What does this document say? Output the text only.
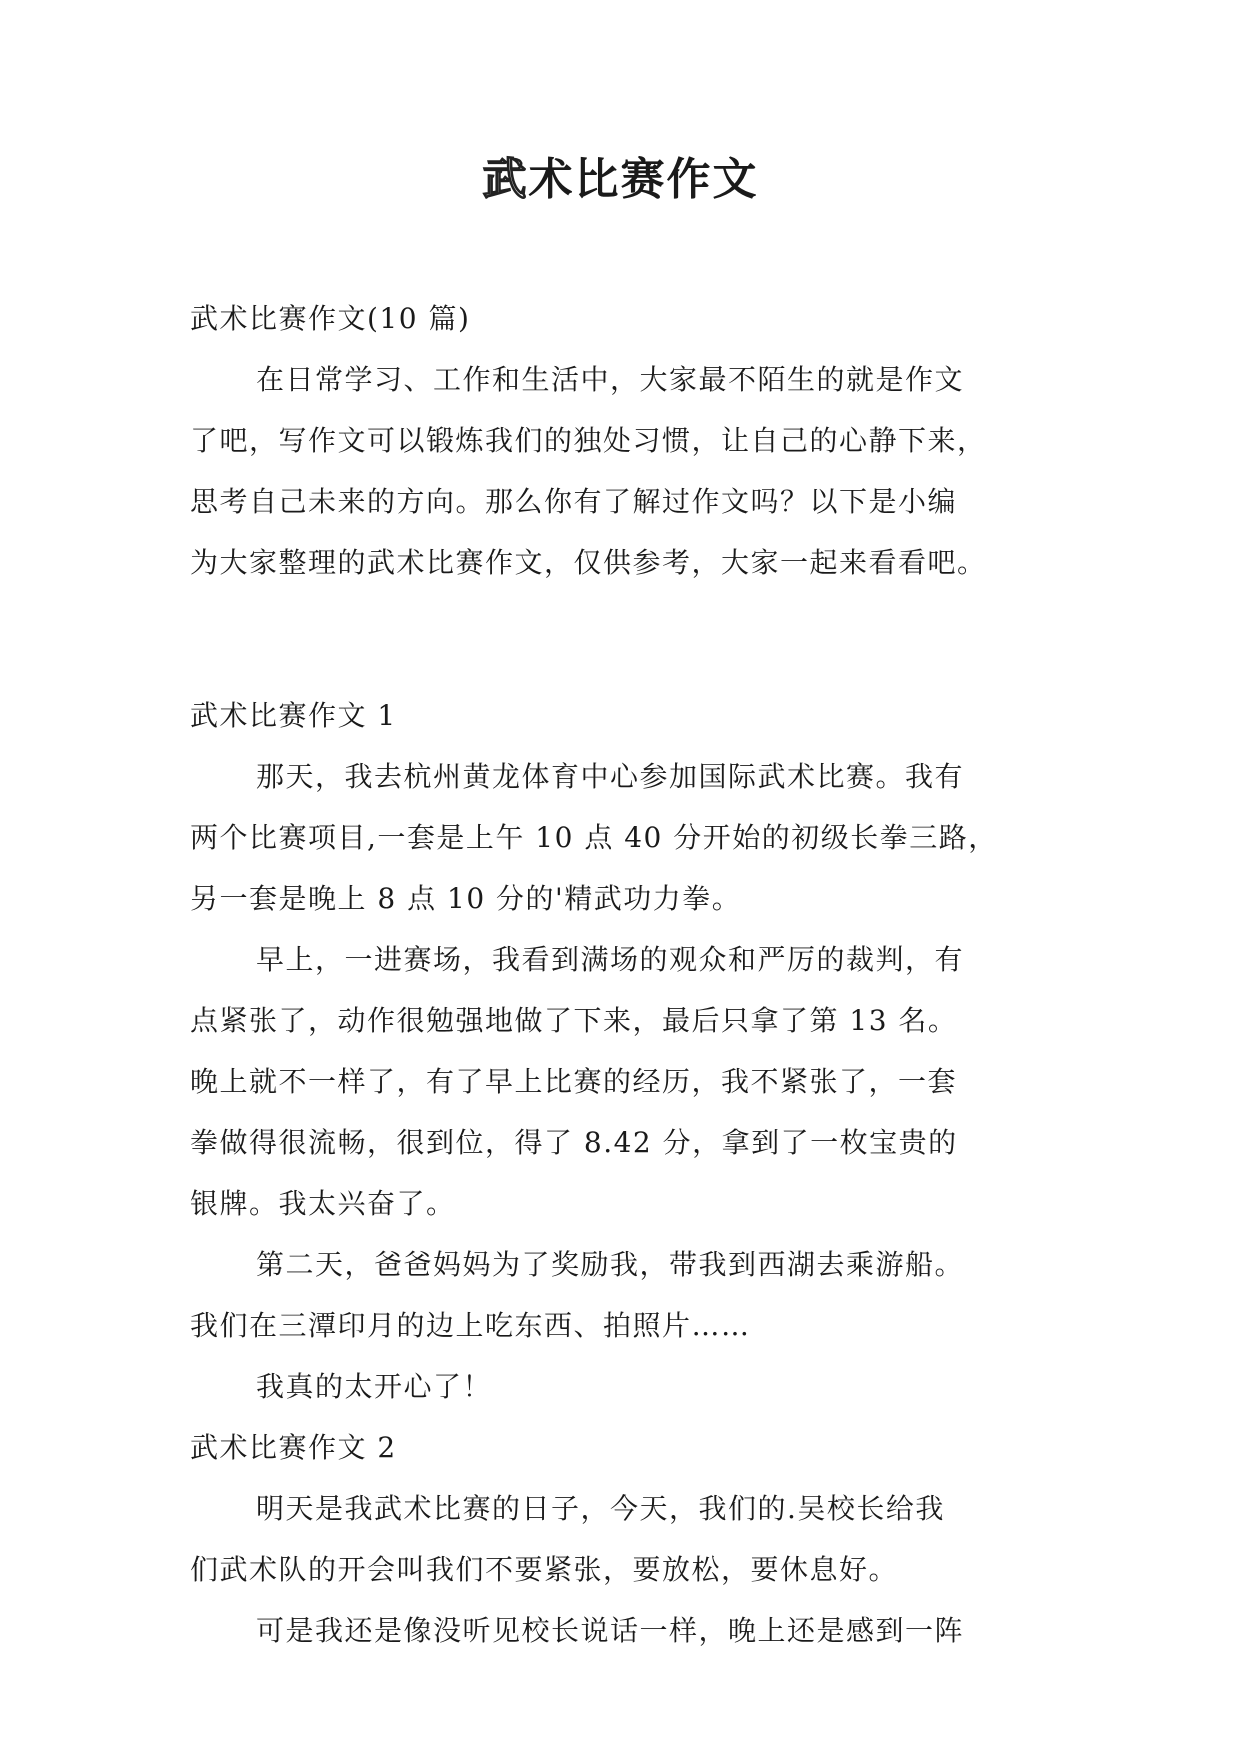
武术比赛作文
武术比赛作文(10 篇)
在日常学习、工作和生活中，大家最不陌生的就是作文
了吧，写作文可以锻炼我们的独处习惯，让自己的心静下来，
思考自己未来的方向。那么你有了解过作文吗？以下是小编
为大家整理的武术比赛作文，仅供参考，大家一起来看看吧。
武术比赛作文 1
那天，我去杭州黄龙体育中心参加国际武术比赛。我有
两个比赛项目,一套是上午 10 点 40 分开始的初级长拳三路，
另一套是晚上 8 点 10 分的'精武功力拳。
早上，一进赛场，我看到满场的观众和严厉的裁判，有
点紧张了，动作很勉强地做了下来，最后只拿了第 13 名。
晚上就不一样了，有了早上比赛的经历，我不紧张了，一套
拳做得很流畅，很到位，得了 8.42 分，拿到了一枚宝贵的
银牌。我太兴奋了。
第二天，爸爸妈妈为了奖励我，带我到西湖去乘游船。
我们在三潭印月的边上吃东西、拍照片……
我真的太开心了！
武术比赛作文 2
明天是我武术比赛的日子，今天，我们的.吴校长给我
们武术队的开会叫我们不要紧张，要放松，要休息好。
可是我还是像没听见校长说话一样，晚上还是感到一阵
